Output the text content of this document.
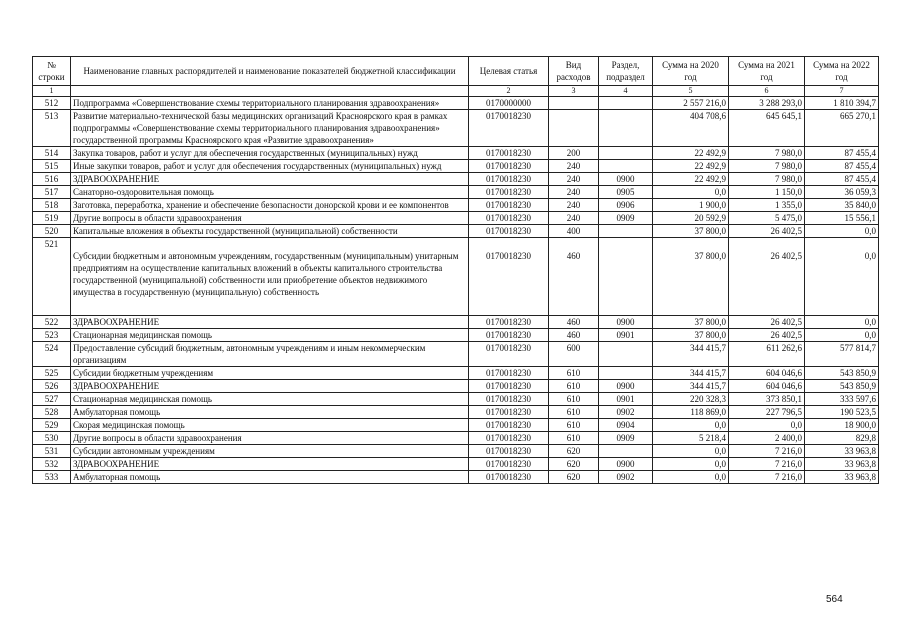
№ строки	Наименование главных распорядителей и наименование показателей бюджетной классификации	Целевая статья	Вид расходов	Раздел, подраздел	Сумма на 2020 год	Сумма на 2021 год	Сумма на 2022 год
1		2	3	4	5	6	7
512	Подпрограмма «Совершенствование схемы территориального планирования здравоохранения»	0170000000			2 557 216,0	3 288 293,0	1 810 394,7
513	Развитие материально-технической базы медицинских организаций Красноярского края в рамках подпрограммы «Совершенствование схемы территориального планирования здравоохранения» государственной программы Красноярского края «Развитие здравоохранения»	0170018230			404 708,6	645 645,1	665 270,1
514	Закупка товаров, работ и услуг для обеспечения государственных (муниципальных) нужд	0170018230	200		22 492,9	7 980,0	87 455,4
515	Иные закупки товаров, работ и услуг для обеспечения государственных (муниципальных) нужд	0170018230	240		22 492,9	7 980,0	87 455,4
516	ЗДРАВООХРАНЕНИЕ	0170018230	240	0900	22 492,9	7 980,0	87 455,4
517	Санаторно-оздоровительная помощь	0170018230	240	0905	0,0	1 150,0	36 059,3
518	Заготовка, переработка, хранение и обеспечение безопасности донорской крови и ее компонентов	0170018230	240	0906	1 900,0	1 355,0	35 840,0
519	Другие вопросы в области здравоохранения	0170018230	240	0909	20 592,9	5 475,0	15 556,1
520	Капитальные вложения в объекты государственной (муниципальной) собственности	0170018230	400		37 800,0	26 402,5	0,0
521	Субсидии бюджетным и автономным учреждениям, государственным (муниципальным) унитарным предприятиям на осуществление капитальных вложений в объекты капитального строительства государственной (муниципальной) собственности или приобретение объектов недвижимого имущества в государственную (муниципальную) собственность	0170018230	460		37 800,0	26 402,5	0,0
522	ЗДРАВООХРАНЕНИЕ	0170018230	460	0900	37 800,0	26 402,5	0,0
523	Стационарная медицинская помощь	0170018230	460	0901	37 800,0	26 402,5	0,0
524	Предоставление субсидий бюджетным, автономным учреждениям и иным некоммерческим организациям	0170018230	600		344 415,7	611 262,6	577 814,7
525	Субсидии бюджетным учреждениям	0170018230	610		344 415,7	604 046,6	543 850,9
526	ЗДРАВООХРАНЕНИЕ	0170018230	610	0900	344 415,7	604 046,6	543 850,9
527	Стационарная медицинская помощь	0170018230	610	0901	220 328,3	373 850,1	333 597,6
528	Амбулаторная помощь	0170018230	610	0902	118 869,0	227 796,5	190 523,5
529	Скорая медицинская помощь	0170018230	610	0904	0,0	0,0	18 900,0
530	Другие вопросы в области здравоохранения	0170018230	610	0909	5 218,4	2 400,0	829,8
531	Субсидии автономным учреждениям	0170018230	620		0,0	7 216,0	33 963,8
532	ЗДРАВООХРАНЕНИЕ	0170018230	620	0900	0,0	7 216,0	33 963,8
533	Амбулаторная помощь	0170018230	620	0902	0,0	7 216,0	33 963,8
564
